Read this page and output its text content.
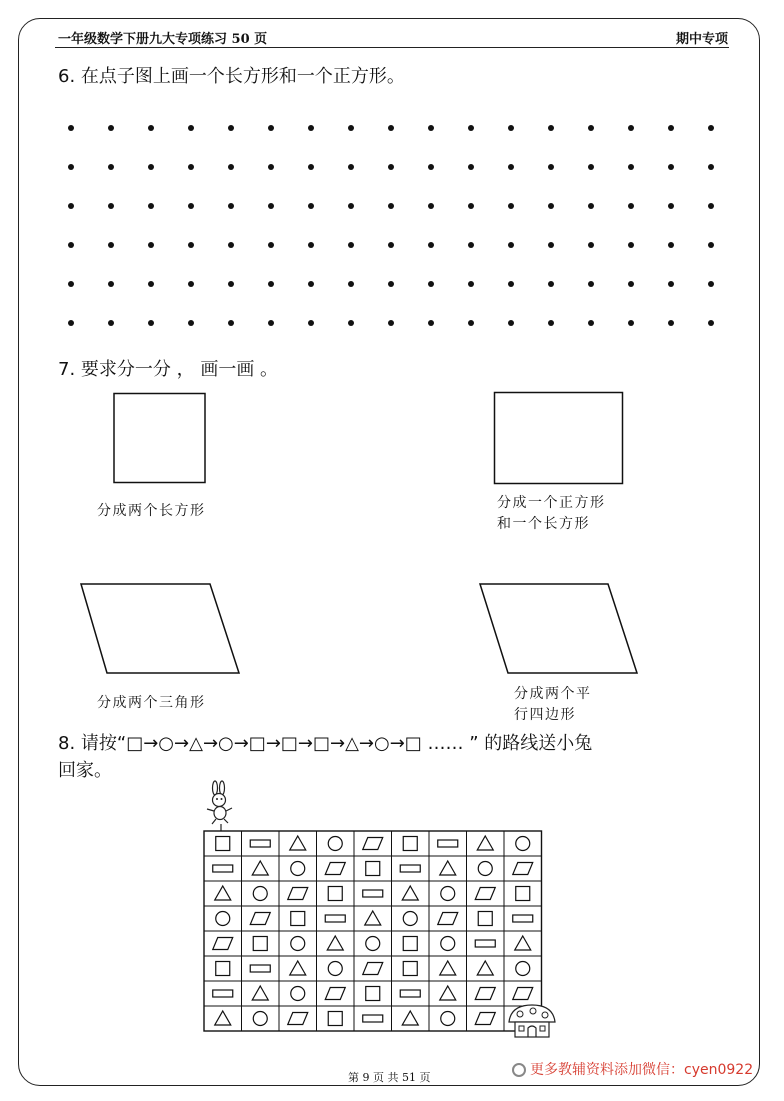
一年级数学下册九大专项练习 50 页	期中专项
6. 在点子图上画一个长方形和一个正方形。
7. 要求分一分 ， 画一画 。
分成两个长方形	分成一个正方形
和一个长方形
分成两个三角形
分成两个平
行四边形
8. 请按“□→○→△→○→□→□→□→△→○→□ …… ” 的路线送小兔
回家。
第 9 页 共 51 页	更多教辅资料添加微信：cyen0922
